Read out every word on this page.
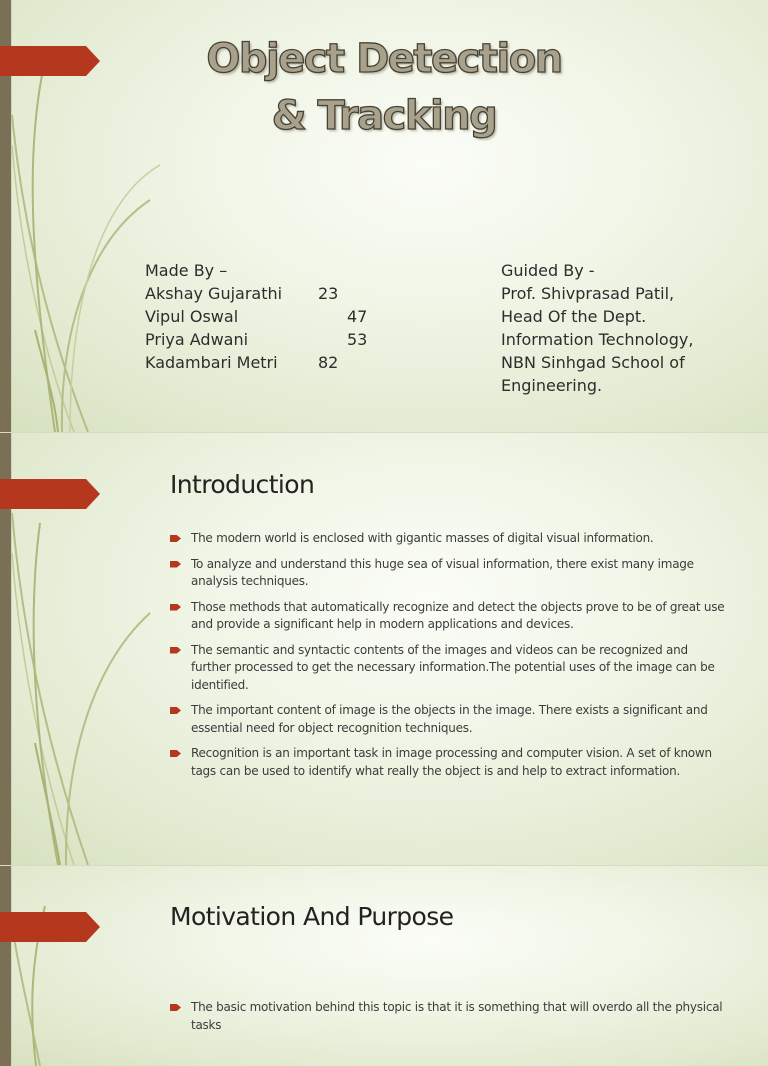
Object Detection
& Tracking
Made By –
Akshay Gujarathi 23
Vipul Oswal	47
Priya Adwani	53
Kadambari Metri	82
Guided By -
Prof. Shivprasad Patil,
Head Of the Dept.
Information Technology,
NBN Sinhgad School of
Engineering.
Introduction
The modern world is enclosed with gigantic masses of digital visual information.
To analyze and understand this huge sea of visual information, there exist many image analysis techniques.
Those methods that automatically recognize and detect the objects prove to be of great use and provide a significant help in modern applications and devices.
The semantic and syntactic contents of the images and videos can be recognized and further processed to get the necessary information.The potential uses of the image can be identified.
The important content of image is the objects in the image. There exists a significant and essential need for object recognition techniques.
Recognition is an important task in image processing and computer vision. A set of known tags can be used to identify what really the object is and help to extract information.
Motivation And Purpose
The basic motivation behind this topic is that it is something that will overdo all the physical tasks
